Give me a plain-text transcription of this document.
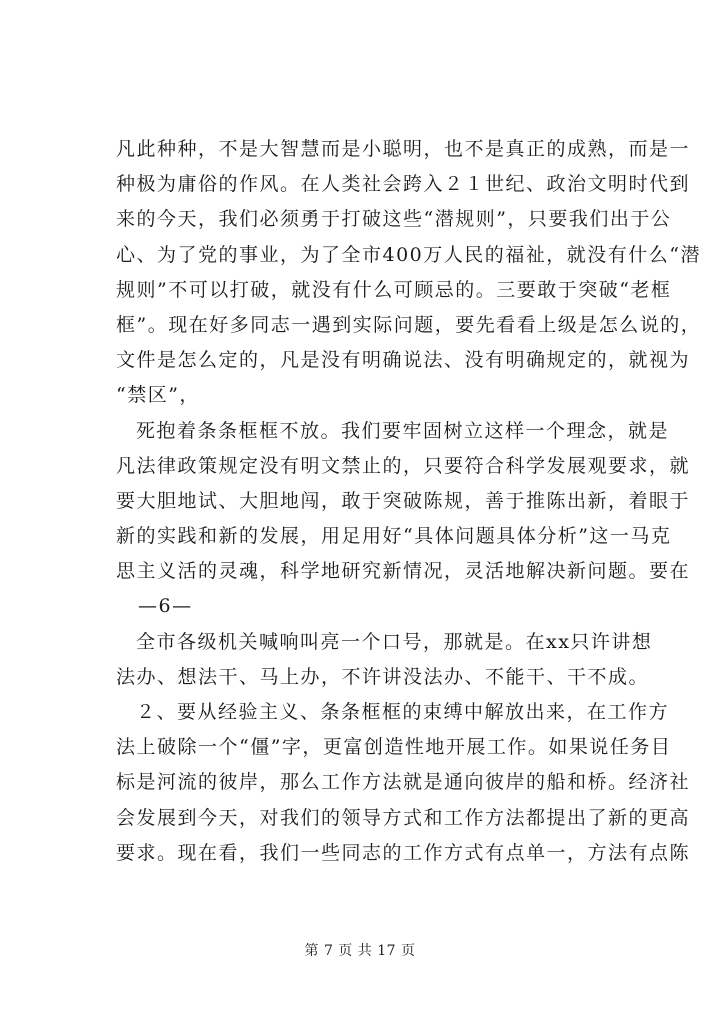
凡此种种，不是大智慧而是小聪明，也不是真正的成熟，而是一
种极为庸俗的作风。在人类社会跨入２１世纪、政治文明时代到
来的今天，我们必须勇于打破这些“潜规则”，只要我们出于公
心、为了党的事业，为了全市400万人民的福祉，就没有什么“潜
规则”不可以打破，就没有什么可顾忌的。三要敢于突破“老框
框”。现在好多同志一遇到实际问题，要先看看上级是怎么说的，
文件是怎么定的，凡是没有明确说法、没有明确规定的，就视为
“禁区”，
死抱着条条框框不放。我们要牢固树立这样一个理念，就是
凡法律政策规定没有明文禁止的，只要符合科学发展观要求，就
要大胆地试、大胆地闯，敢于突破陈规，善于推陈出新，着眼于
新的实践和新的发展，用足用好“具体问题具体分析”这一马克
思主义活的灵魂，科学地研究新情况，灵活地解决新问题。要在
—6—
全市各级机关喊响叫亮一个口号，那就是。在xx只许讲想
法办、想法干、马上办，不许讲没法办、不能干、干不成。
２、要从经验主义、条条框框的束缚中解放出来，在工作方
法上破除一个“僵”字，更富创造性地开展工作。如果说任务目
标是河流的彼岸，那么工作方法就是通向彼岸的船和桥。经济社
会发展到今天，对我们的领导方式和工作方法都提出了新的更高
要求。现在看，我们一些同志的工作方式有点单一，方法有点陈
第 7 页 共 17 页
